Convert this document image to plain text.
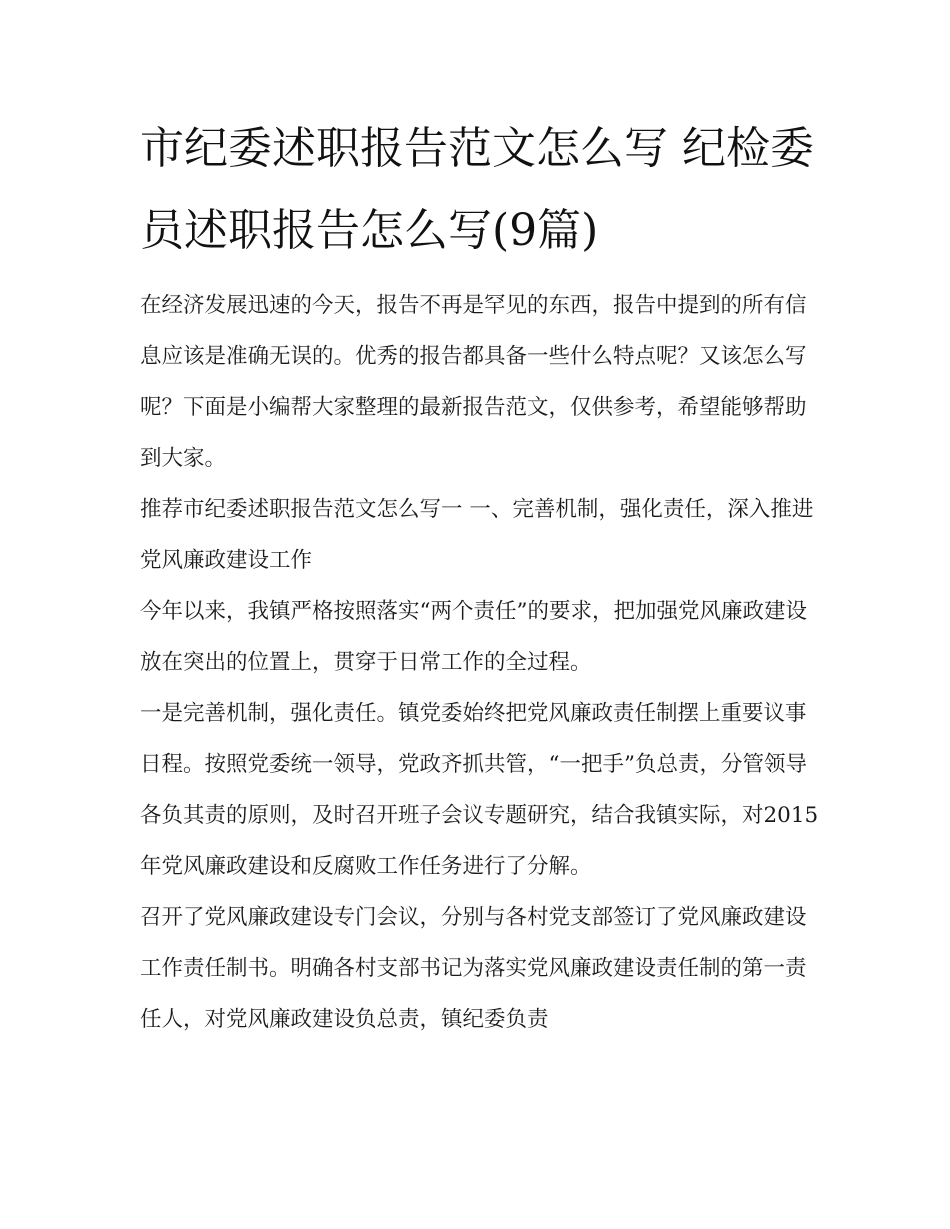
市纪委述职报告范文怎么写 纪检委员述职报告怎么写(9篇)

在经济发展迅速的今天，报告不再是罕见的东西，报告中提到的所有信息应该是准确无误的。优秀的报告都具备一些什么特点呢？又该怎么写呢？下面是小编帮大家整理的最新报告范文，仅供参考，希望能够帮助到大家。

推荐市纪委述职报告范文怎么写一 一、完善机制，强化责任，深入推进党风廉政建设工作

今年以来，我镇严格按照落实“两个责任”的要求，把加强党风廉政建设放在突出的位置上，贯穿于日常工作的全过程。

一是完善机制，强化责任。镇党委始终把党风廉政责任制摆上重要议事日程。按照党委统一领导，党政齐抓共管，“一把手”负总责，分管领导各负其责的原则，及时召开班子会议专题研究，结合我镇实际，对2015年党风廉政建设和反腐败工作任务进行了分解。

召开了党风廉政建设专门会议，分别与各村党支部签订了党风廉政建设工作责任制书。明确各村支部书记为落实党风廉政建设责任制的第一责任人，对党风廉政建设负总责，镇纪委负责
